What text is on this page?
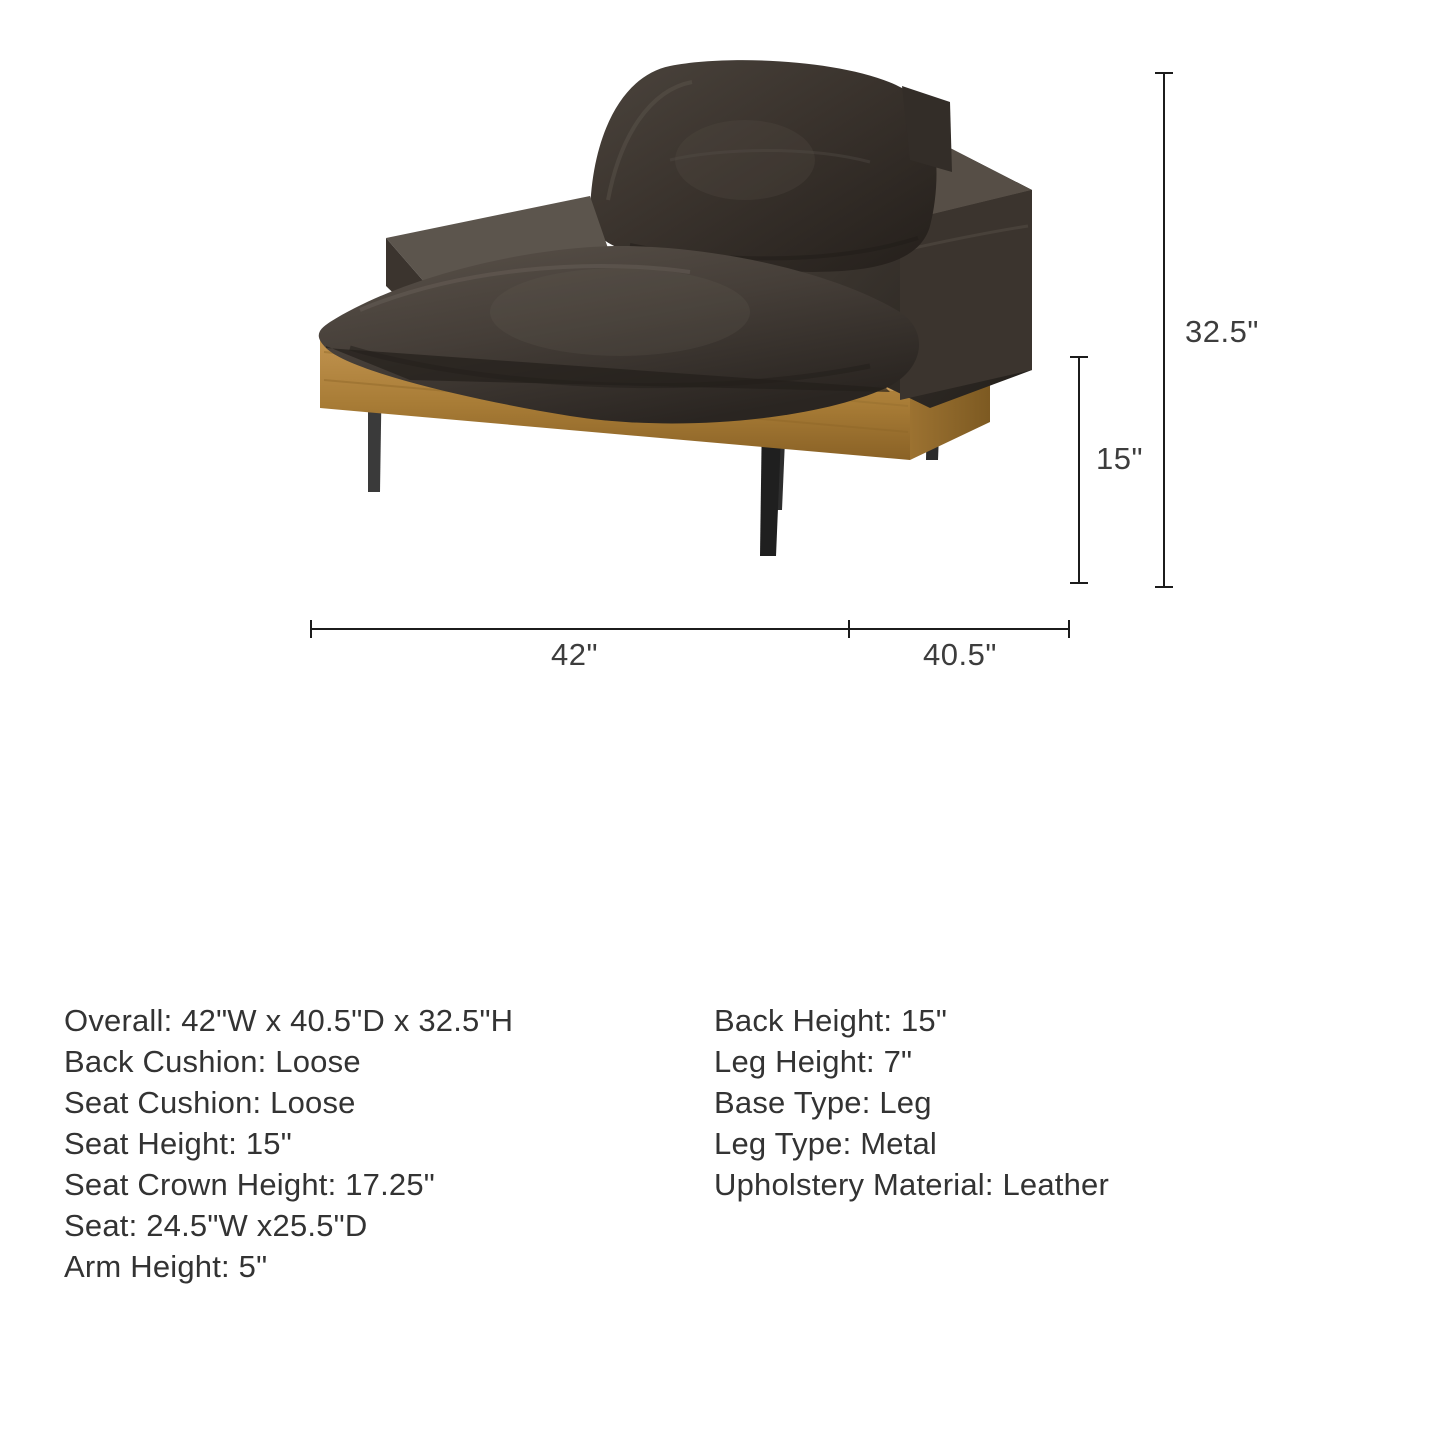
32.5"
15"
42"	40.5"
Overall: 42"W x 40.5"D x 32.5"H
Back Cushion: Loose
Seat Cushion: Loose
Seat Height: 15"
Seat Crown Height: 17.25"
Seat: 24.5"W x25.5"D
Arm Height: 5"
Back Height: 15"
Leg Height: 7"
Base Type: Leg
Leg Type: Metal
Upholstery Material: Leather
